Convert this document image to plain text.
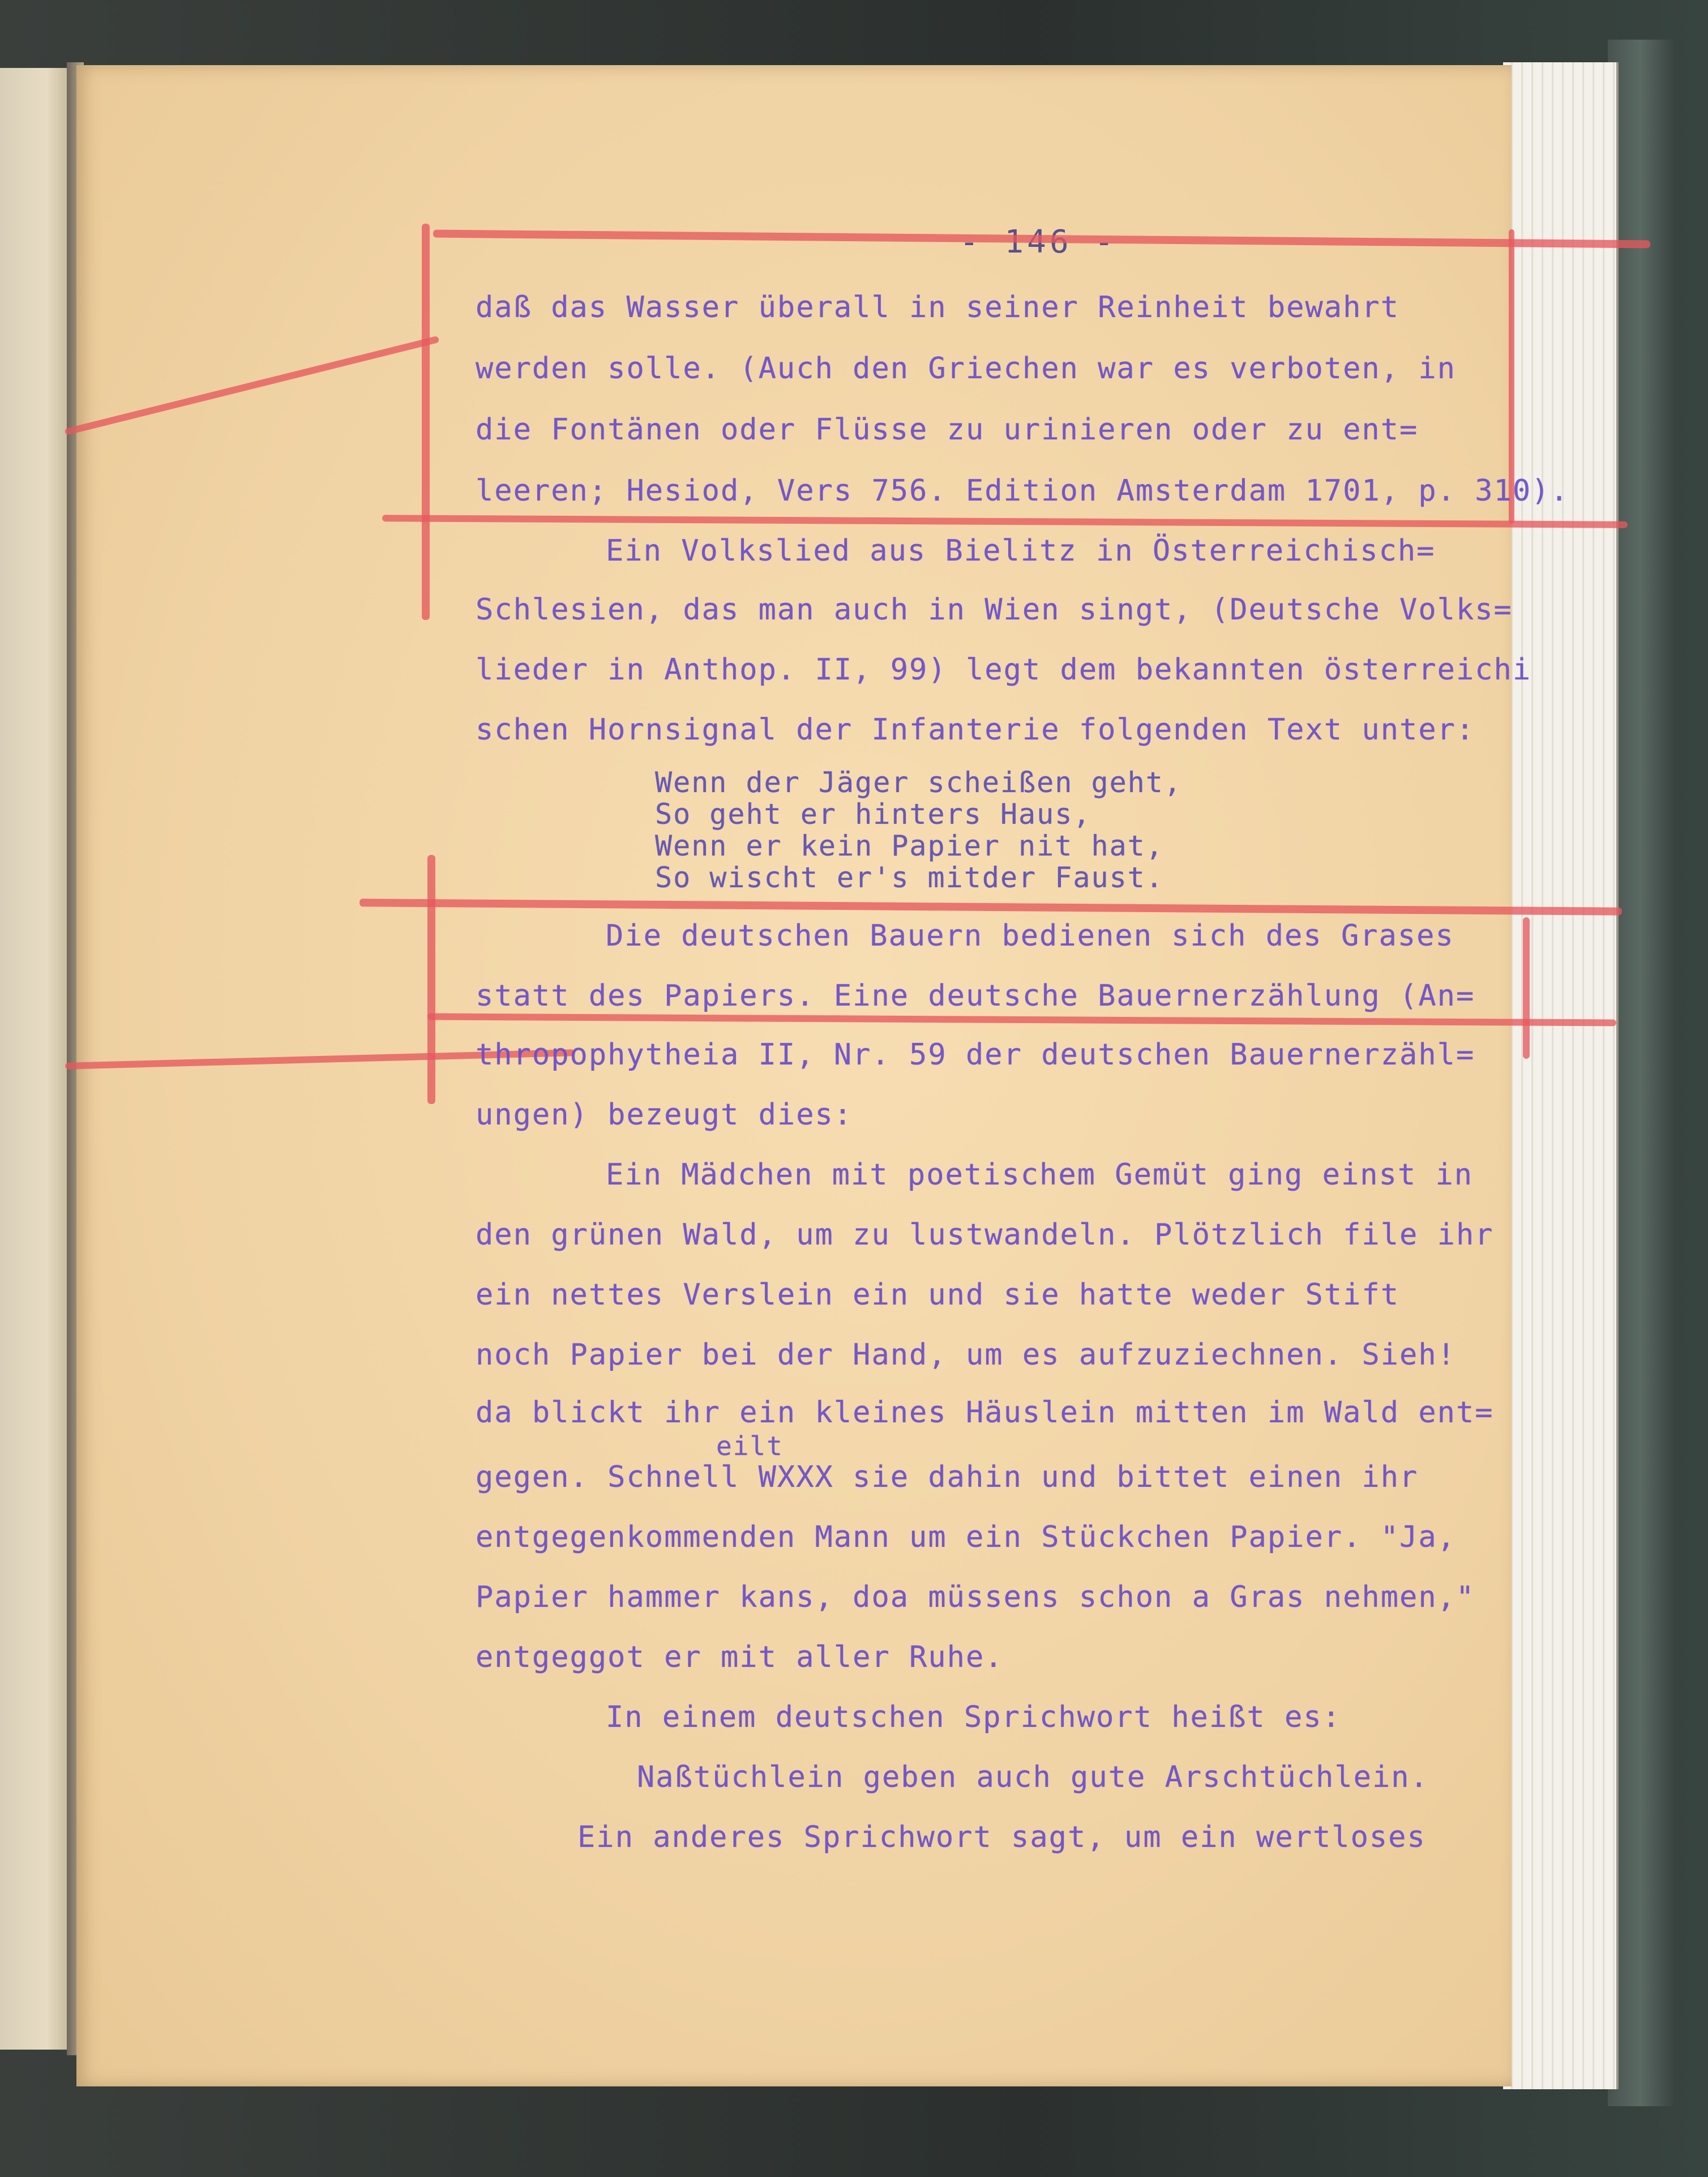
daß das Wasser überall in seiner Reinheit bewahrt
werden solle. (Auch den Griechen war es verboten, in
die Fontänen oder Flüsse zu urinieren oder zu ent=
leeren; Hesiod, Vers 756. Edition Amsterdam 1701, p. 310).
Ein Volkslied aus Bielitz in Österreichisch=
Schlesien, das man auch in Wien singt, (Deutsche Volks=
lieder in Anthop. II, 99) legt dem bekannten österreichi
schen Hornsignal der Infanterie folgenden Text unter:
Wenn der Jäger scheißen geht,
So geht er hinters Haus,
Wenn er kein Papier nit hat,
So wischt er's mitder Faust.
Die deutschen Bauern bedienen sich des Grases
statt des Papiers. Eine deutsche Bauernerzählung (An=
thropophytheia II, Nr. 59 der deutschen Bauernerzähl=
ungen) bezeugt dies:
Ein Mädchen mit poetischem Gemüt ging einst in
den grünen Wald, um zu lustwandeln. Plötzlich file ihr
ein nettes Verslein ein und sie hatte weder Stift
noch Papier bei der Hand, um es aufzuziechnen. Sieh!
da blickt ihr ein kleines Häuslein mitten im Wald ent=
eilt
gegen. Schnell WXXX sie dahin und bittet einen ihr
entgegenkommenden Mann um ein Stückchen Papier. "Ja,
Papier hammer kans, doa müssens schon a Gras nehmen,"
entgeggot er mit aller Ruhe.
In einem deutschen Sprichwort heißt es:
Naßtüchlein geben auch gute Arschtüchlein.
Ein anderes Sprichwort sagt, um ein wertloses
